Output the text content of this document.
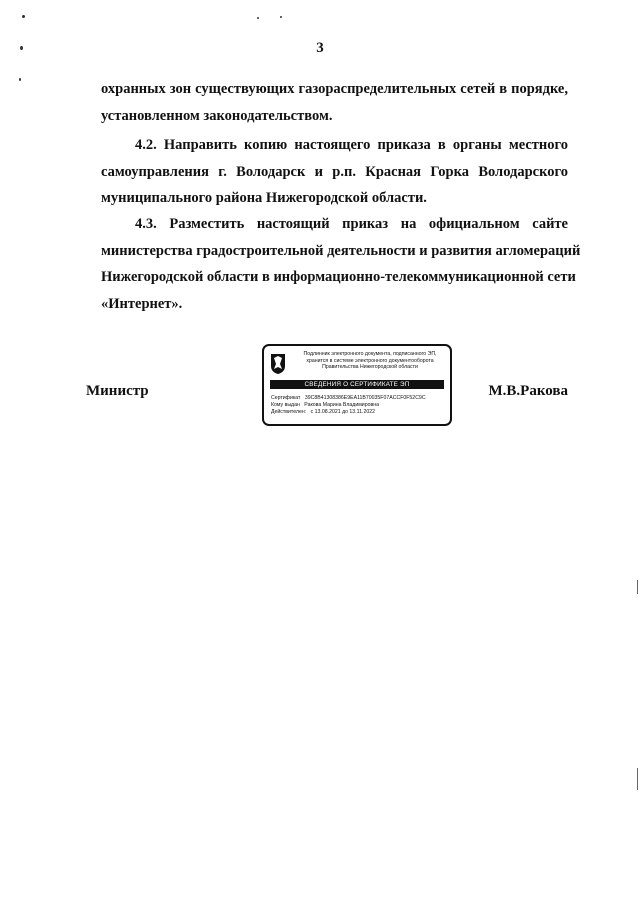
3

охранных зон существующих газораспределительных сетей в порядке,
установленном законодательством.

4.2. Направить копию настоящего приказа в органы местного
самоуправления г. Володарск и р.п. Красная Горка Володарского
муниципального района Нижегородской области.

4.3. Разместить настоящий приказ на официальном сайте
министерства градостроительной деятельности и развития агломераций
Нижегородской области в информационно-телекоммуникационной сети
«Интернет».

Министр
Подлинник электронного документа, подписанного ЭП,
хранится в системе электронного документооборота
Правительства Нижегородской области
СВЕДЕНИЯ О СЕРТИФИКАТЕ ЭП
Сертификат 39C8B41308386E9EA11B70035F07ACCF0F52C9C
Кому выдан Ракова Марина Владимировна
Действителен: с 13.08.2021 до 13.11.2022
М.В.Ракова
